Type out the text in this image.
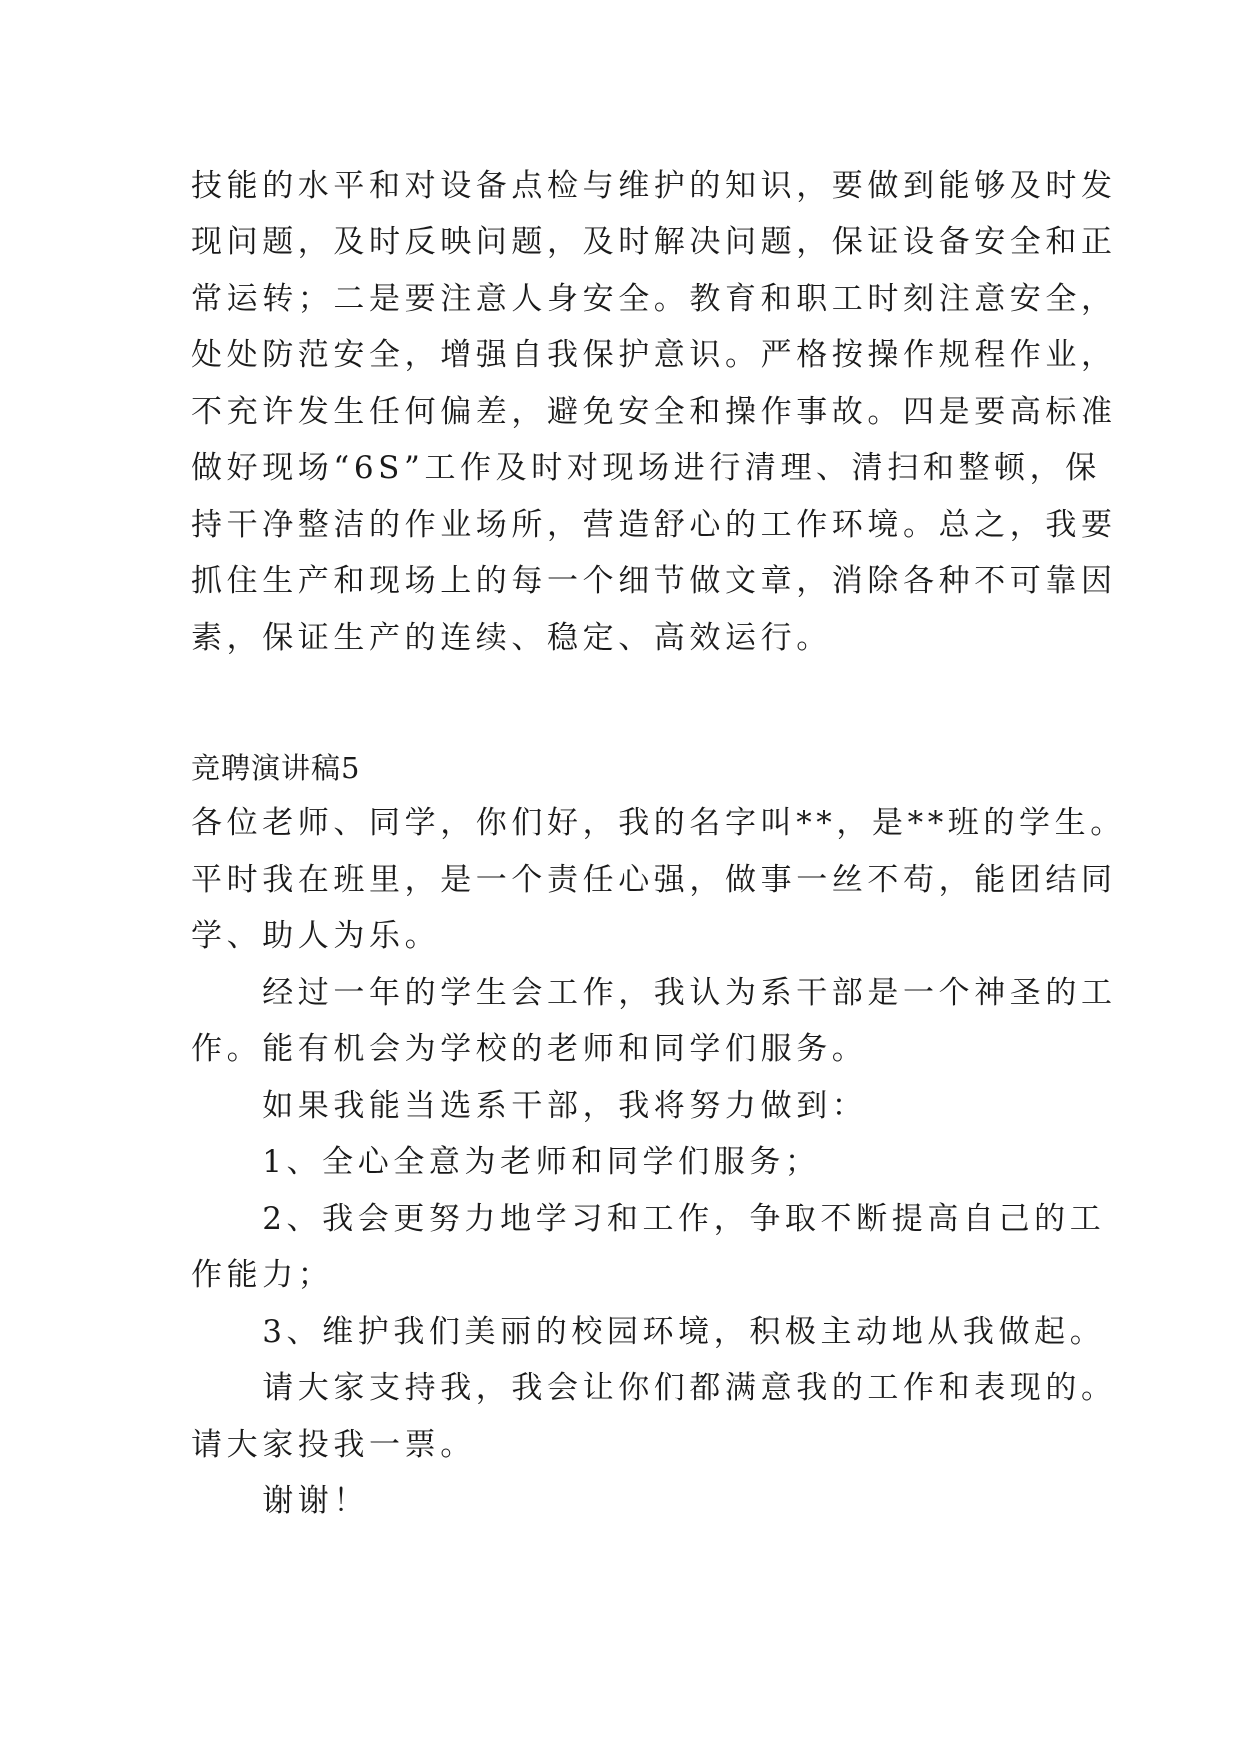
技能的水平和对设备点检与维护的知识，要做到能够及时发
现问题，及时反映问题，及时解决问题，保证设备安全和正
常运转；二是要注意人身安全。教育和职工时刻注意安全，
处处防范安全，增强自我保护意识。严格按操作规程作业，
不充许发生任何偏差，避免安全和操作事故。四是要高标准
做好现场“6S”工作及时对现场进行清理、清扫和整顿，保
持干净整洁的作业场所，营造舒心的工作环境。总之，我要
抓住生产和现场上的每一个细节做文章，消除各种不可靠因
素，保证生产的连续、稳定、高效运行。
竞聘演讲稿5
各位老师、同学，你们好，我的名字叫**，是**班的学生。
平时我在班里，是一个责任心强，做事一丝不苟，能团结同
学、助人为乐。
　　经过一年的学生会工作，我认为系干部是一个神圣的工
作。能有机会为学校的老师和同学们服务。
　　如果我能当选系干部，我将努力做到：
　　1、全心全意为老师和同学们服务；
　　2、我会更努力地学习和工作，争取不断提高自己的工
作能力；
　　3、维护我们美丽的校园环境，积极主动地从我做起。
　　请大家支持我，我会让你们都满意我的工作和表现的。
请大家投我一票。
　　谢谢！
